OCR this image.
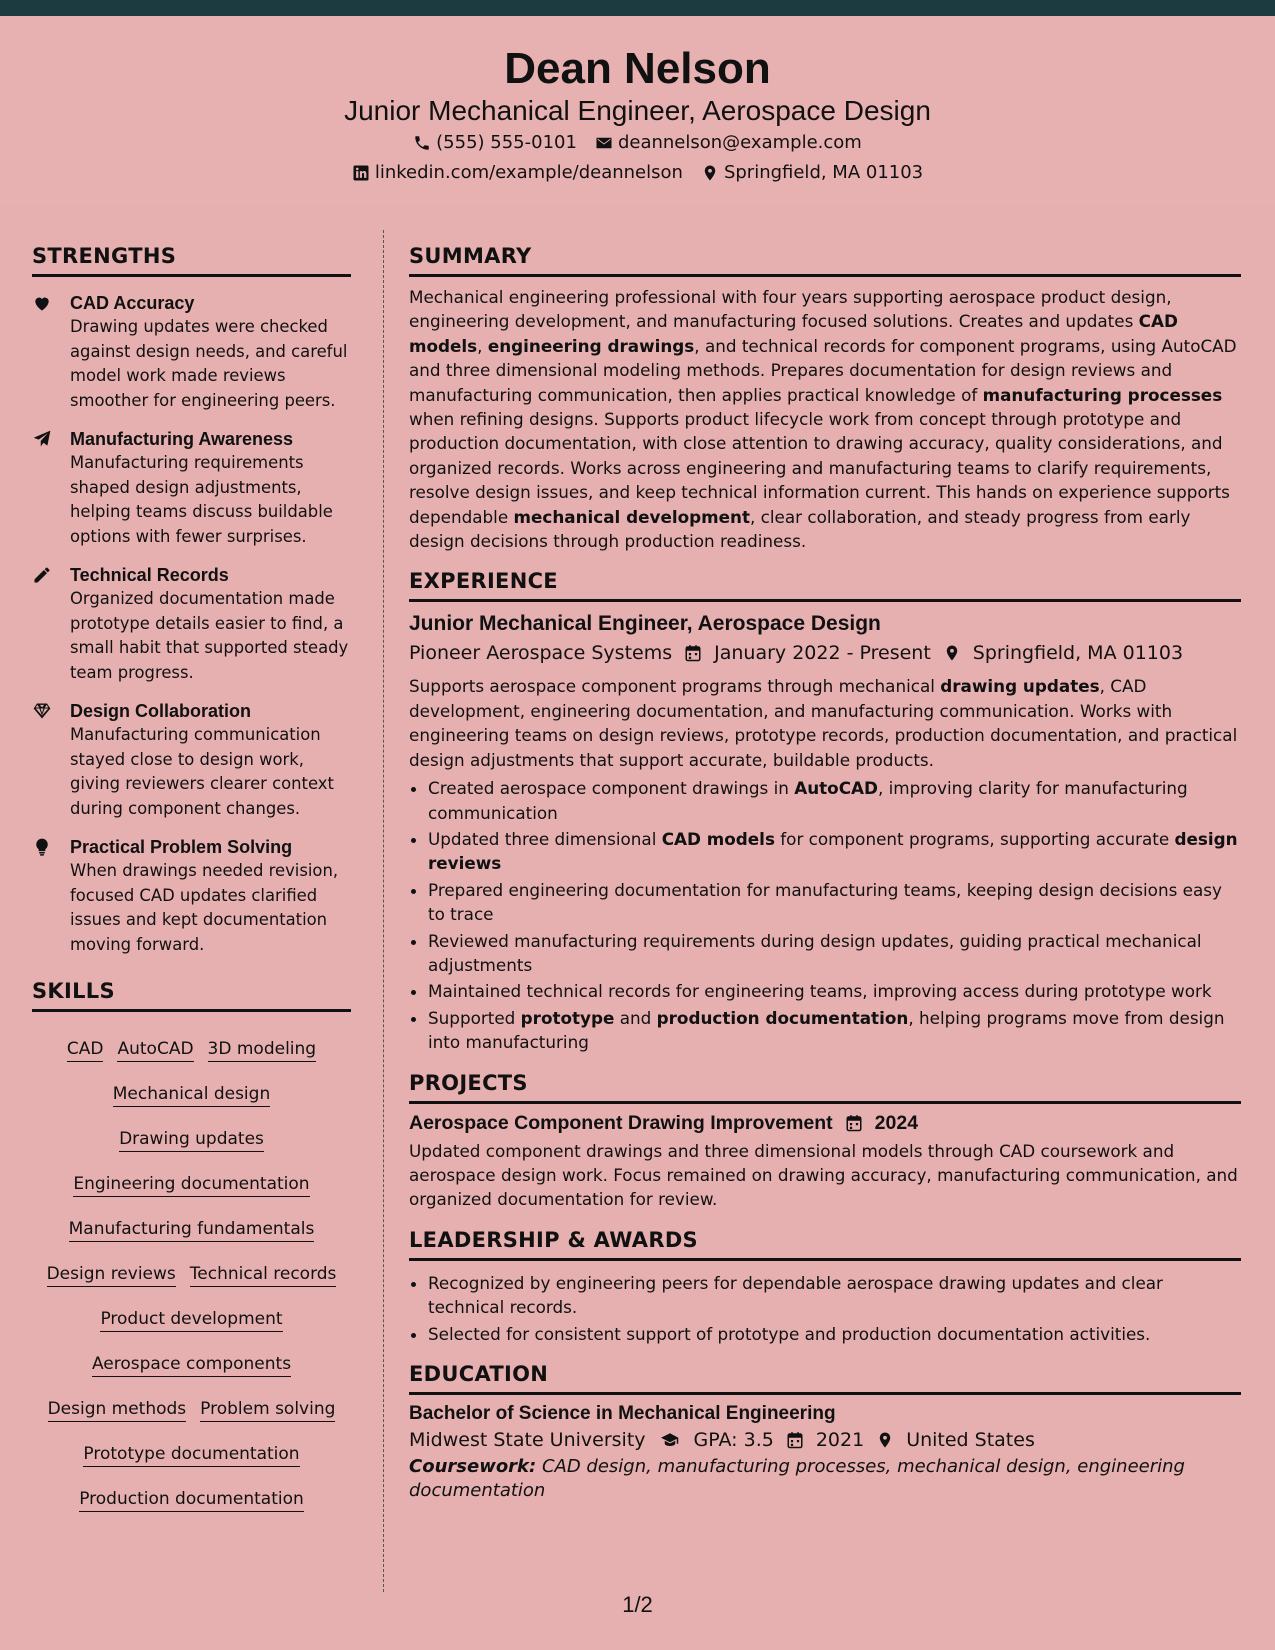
Dean Nelson
Junior Mechanical Engineer, Aerospace Design
(555) 555-0101 deannelson@example.com
linkedin.com/example/deannelson Springfield, MA 01103
STRENGTHS
CAD Accuracy
Drawing updates were checked against design needs, and careful model work made reviews smoother for engineering peers.
Manufacturing Awareness
Manufacturing requirements shaped design adjustments, helping teams discuss buildable options with fewer surprises.
Technical Records
Organized documentation made prototype details easier to find, a small habit that supported steady team progress.
Design Collaboration
Manufacturing communication stayed close to design work, giving reviewers clearer context during component changes.
Practical Problem Solving
When drawings needed revision, focused CAD updates clarified issues and kept documentation moving forward.
SKILLS
CAD AutoCAD 3D modeling
Mechanical design
Drawing updates
Engineering documentation
Manufacturing fundamentals
Design reviews Technical records
Product development
Aerospace components
Design methods Problem solving
Prototype documentation
Production documentation
SUMMARY

Mechanical engineering professional with four years supporting aerospace product design, engineering development, and manufacturing focused solutions. Creates and updates CAD models, engineering drawings, and technical records for component programs, using AutoCAD and three dimensional modeling methods. Prepares documentation for design reviews and manufacturing communication, then applies practical knowledge of manufacturing processes when refining designs. Supports product lifecycle work from concept through prototype and production documentation, with close attention to drawing accuracy, quality considerations, and organized records. Works across engineering and manufacturing teams to clarify requirements, resolve design issues, and keep technical information current. This hands on experience supports dependable mechanical development, clear collaboration, and steady progress from early design decisions through production readiness.

EXPERIENCE
Junior Mechanical Engineer, Aerospace Design
Pioneer Aerospace Systems January 2022 - Present Springfield, MA 01103

Supports aerospace component programs through mechanical drawing updates, CAD development, engineering documentation, and manufacturing communication. Works with engineering teams on design reviews, prototype records, production documentation, and practical design adjustments that support accurate, buildable products.

• Created aerospace component drawings in AutoCAD, improving clarity for manufacturing communication
• Updated three dimensional CAD models for component programs, supporting accurate design reviews
• Prepared engineering documentation for manufacturing teams, keeping design decisions easy to trace
• Reviewed manufacturing requirements during design updates, guiding practical mechanical adjustments
• Maintained technical records for engineering teams, improving access during prototype work
• Supported prototype and production documentation, helping programs move from design into manufacturing
PROJECTS
Aerospace Component Drawing Improvement 2024

Updated component drawings and three dimensional models through CAD coursework and aerospace design work. Focus remained on drawing accuracy, manufacturing communication, and organized documentation for review.

LEADERSHIP & AWARDS
• Recognized by engineering peers for dependable aerospace drawing updates and clear technical records.
• Selected for consistent support of prototype and production documentation activities.
EDUCATION
Bachelor of Science in Mechanical Engineering
Midwest State University	GPA: 3.5 2021 United States
Coursework: CAD design, manufacturing processes, mechanical design, engineering documentation
1/2
